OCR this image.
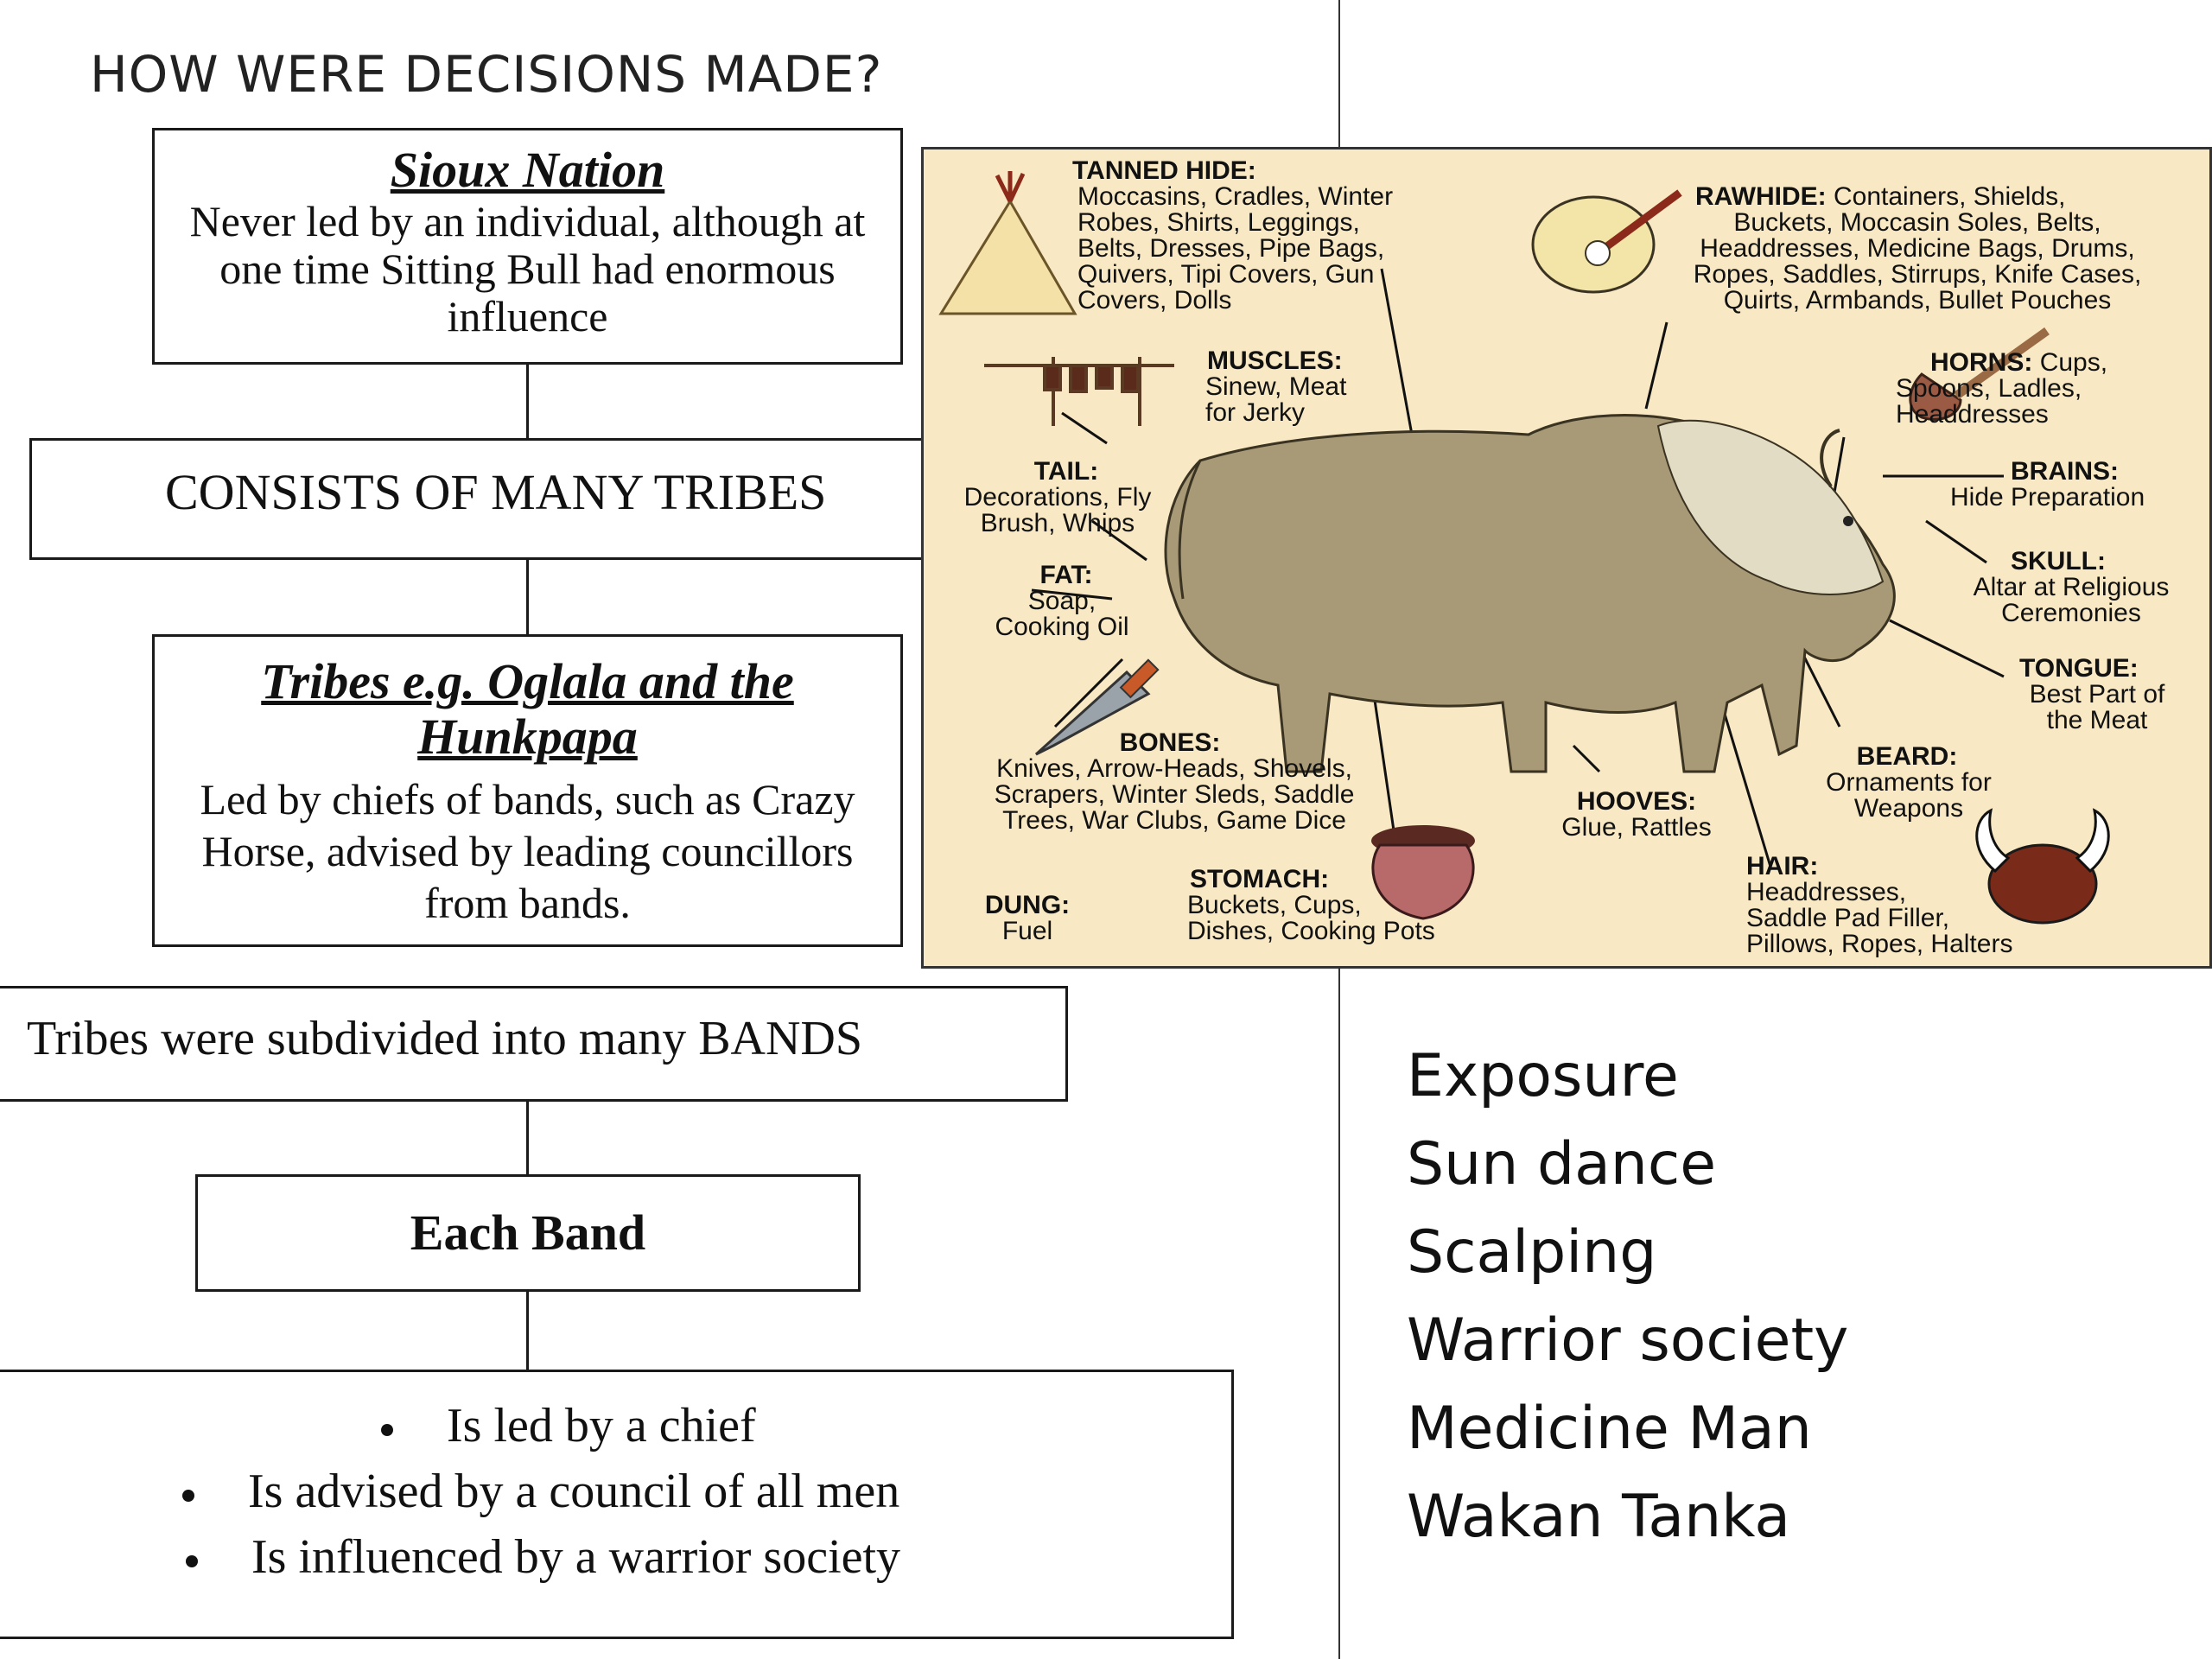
HOW WERE DECISIONS MADE?
Sioux Nation
Never led by an individual, although at one time Sitting Bull had enormous influence
CONSISTS OF MANY TRIBES
Tribes e.g. Oglala and the
Hunkpapa
Led by chiefs of bands, such as Crazy Horse, advised by leading councillors from bands.
Tribes were subdivided into many BANDS
Each Band
Is led by a chief
Is advised by a council of all men
Is influenced by a warrior society
TANNED HIDE:
Moccasins, Cradles, Winter
Robes, Shirts, Leggings,
Belts, Dresses, Pipe Bags,
Quivers, Tipi Covers, Gun
Covers, Dolls
RAWHIDE: Containers, Shields,
Buckets, Moccasin Soles, Belts,
Headdresses, Medicine Bags, Drums,
Ropes, Saddles, Stirrups, Knife Cases,
Quirts, Armbands, Bullet Pouches
MUSCLES:
Sinew, Meat
for Jerky
HORNS: Cups,
Spoons, Ladles,
Headdresses
TAIL:
Decorations, Fly
Brush, Whips
BRAINS:
Hide Preparation
SKULL:
Altar at Religious
Ceremonies
FAT:
Soap,
Cooking Oil
TONGUE:
Best Part of
the Meat
BONES:
Knives, Arrow-Heads, Shovels,
Scrapers, Winter Sleds, Saddle
Trees, War Clubs, Game Dice
BEARD:
Ornaments for
Weapons
HOOVES:
Glue, Rattles
HAIR:
Headdresses,
Saddle Pad Filler,
Pillows, Ropes, Halters
STOMACH:
Buckets, Cups,
Dishes, Cooking Pots
DUNG:
Fuel
Exposure
Sun dance
Scalping
Warrior society
Medicine Man
Wakan Tanka
